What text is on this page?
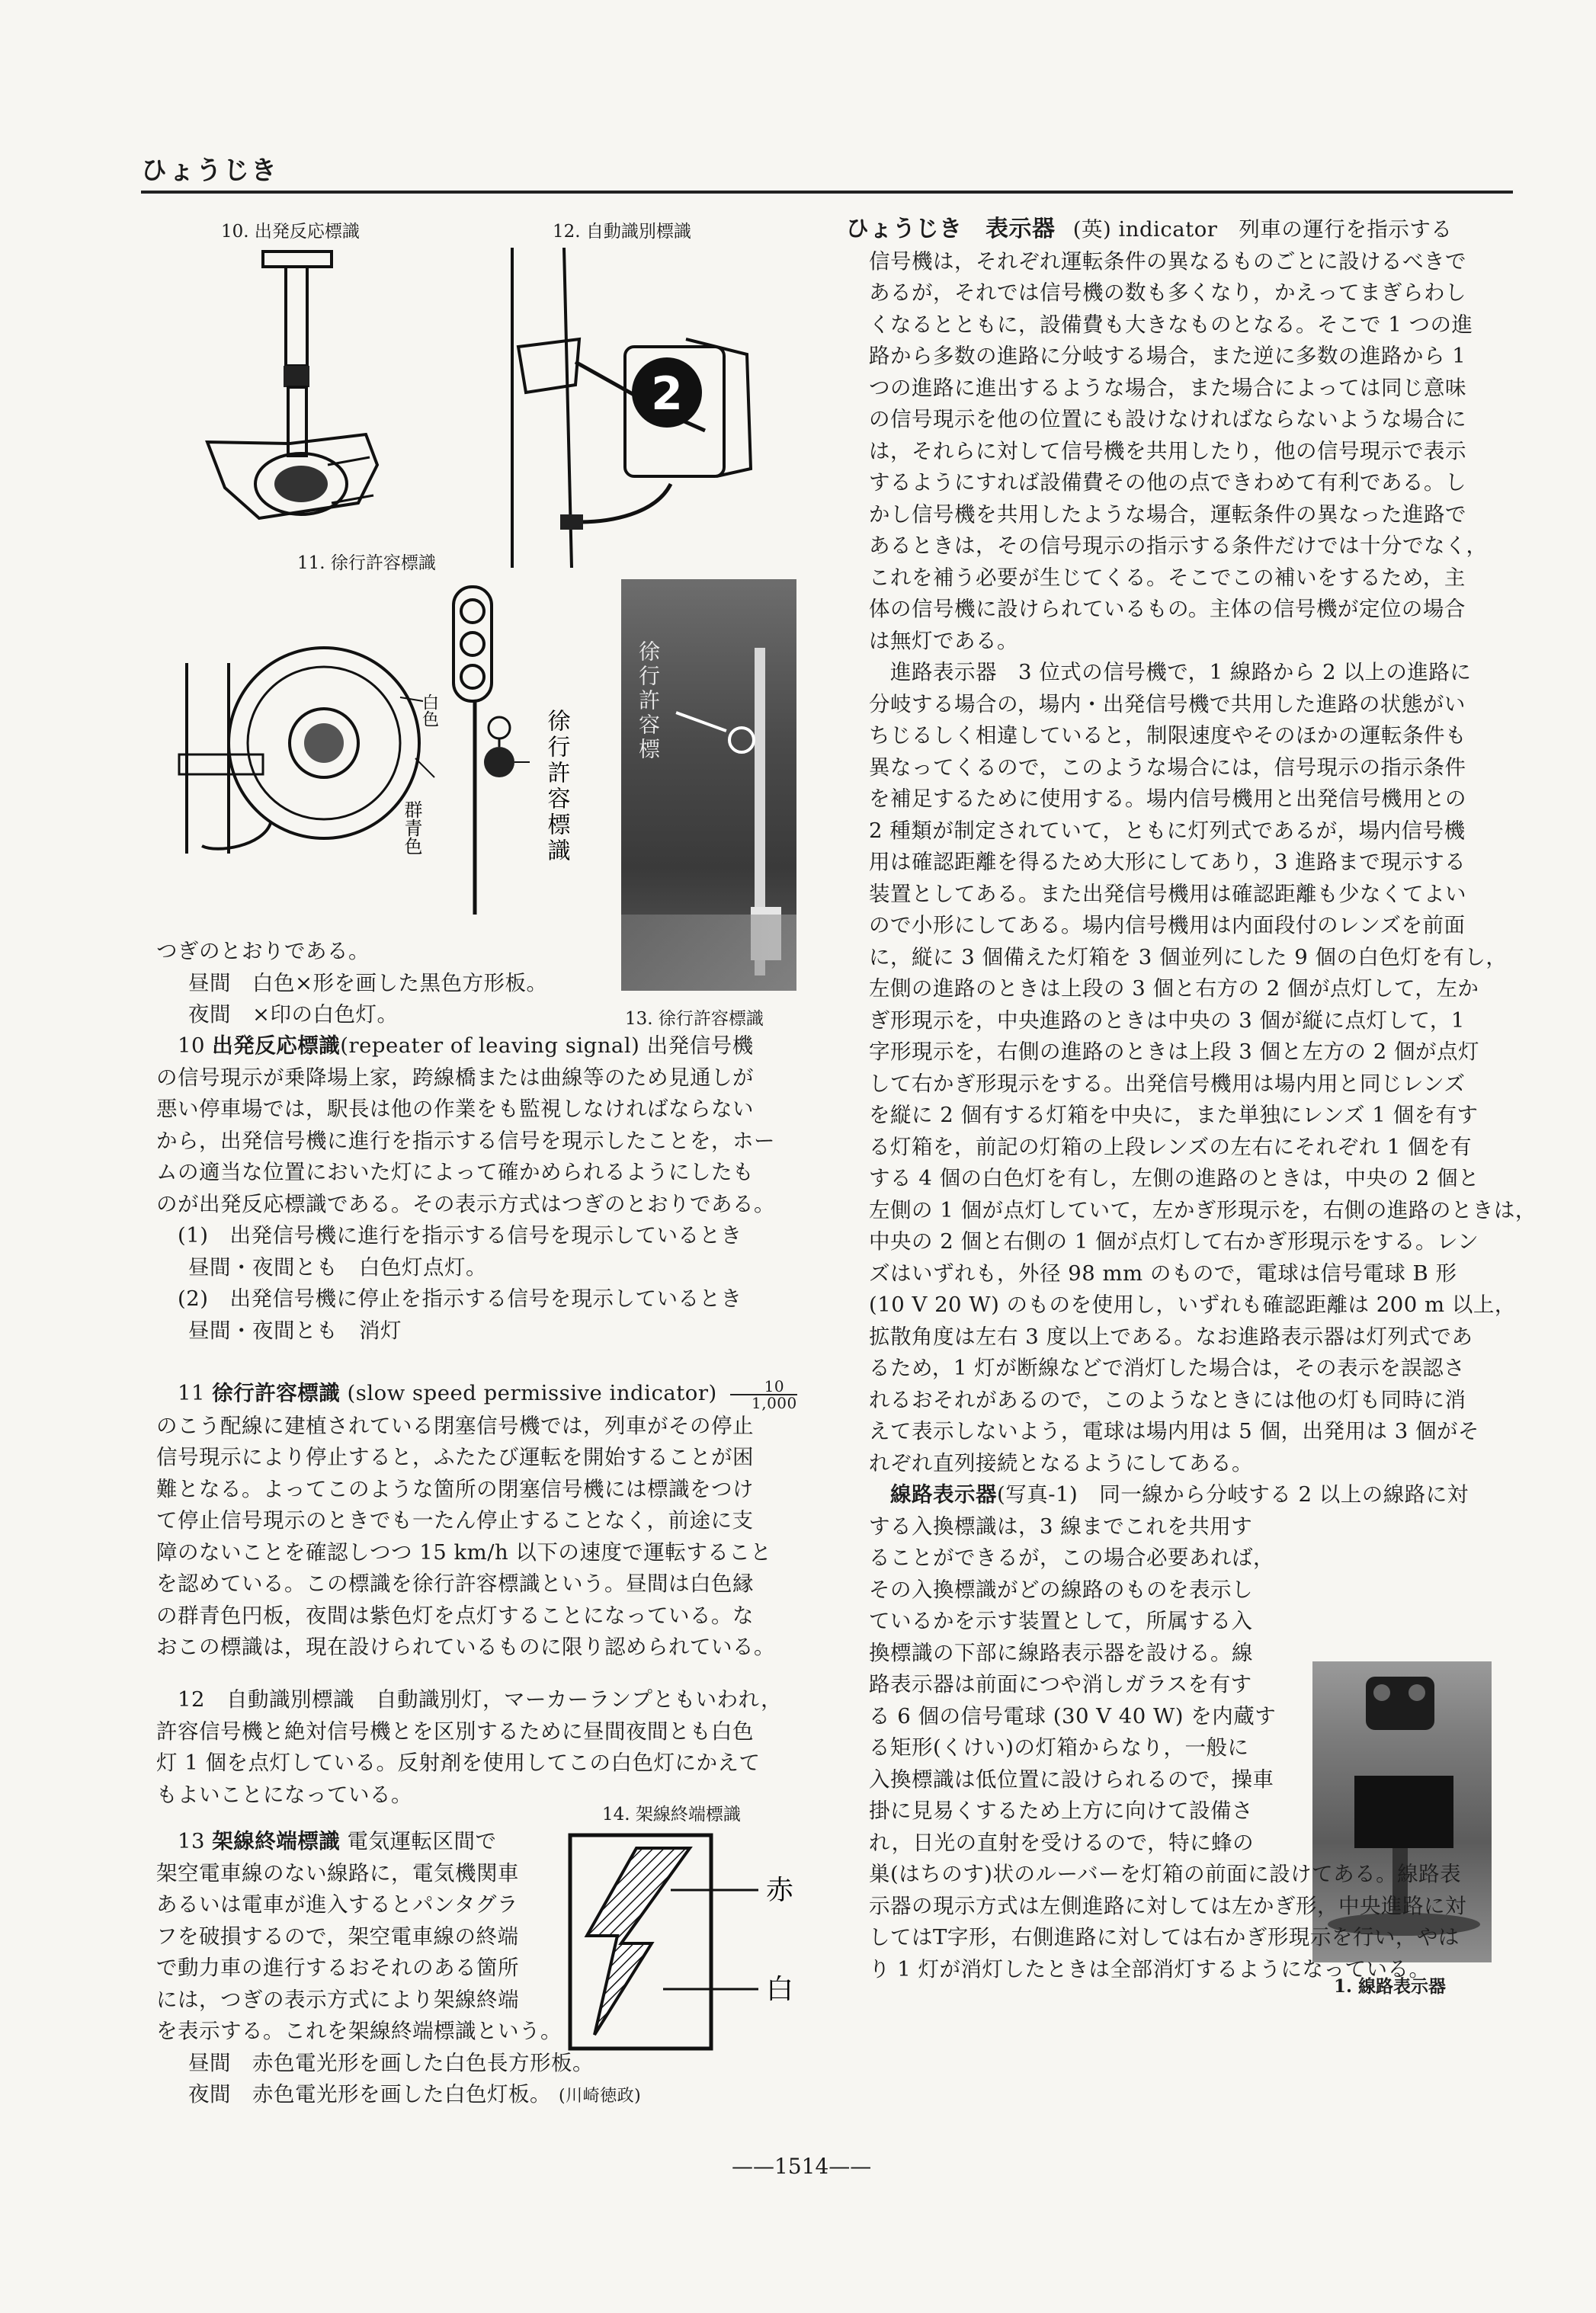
ひょうじき
10. 出発反応標識	12. 自動識別標識
11. 徐行許容標識
13. 徐行許容標識
14. 架線終端標識
1. 線路表示器
2
白色
群青色	徐行許容標識
徐行許容標
赤
白

つぎのとおりである。

昼間　白色×形を画した黒色方形板。

夜間　×印の白色灯。

10 出発反応標識(repeater of leaving signal) 出発信号機

の信号現示が乗降場上家，跨線橋または曲線等のため見通しが

悪い停車場では，駅長は他の作業をも監視しなければならない

から，出発信号機に進行を指示する信号を現示したことを，ホー

ムの適当な位置においた灯によって確かめられるようにしたも

のが出発反応標識である。その表示方式はつぎのとおりである。

(1)　出発信号機に進行を指示する信号を現示しているとき

昼間・夜間とも　白色灯点灯。

(2)　出発信号機に停止を指示する信号を現示しているとき

昼間・夜間とも　消灯

11 徐行許容標識 (slow speed permissive indicator) $\frac{10}{1,000}$

のこう配線に建植されている閉塞信号機では，列車がその停止

信号現示により停止すると，ふたたび運転を開始することが困

難となる。よってこのような箇所の閉塞信号機には標識をつけ

て停止信号現示のときでも一たん停止することなく，前途に支

障のないことを確認しつつ 15 km/h 以下の速度で運転すること

を認めている。この標識を徐行許容標識という。昼間は白色縁

の群青色円板，夜間は紫色灯を点灯することになっている。な

おこの標識は，現在設けられているものに限り認められている。

12　自動識別標識　自動識別灯，マーカーランプともいわれ，

許容信号機と絶対信号機とを区別するために昼間夜間とも白色

灯 1 個を点灯している。反射剤を使用してこの白色灯にかえて

もよいことになっている。

13 架線終端標識 電気運転区間で

架空電車線のない線路に，電気機関車

あるいは電車が進入するとパンタグラ

フを破損するので，架空電車線の終端

で動力車の進行するおそれのある箇所

には，つぎの表示方式により架線終端

を表示する。これを架線終端標識という。

昼間　赤色電光形を画した白色長方形板。

夜間　赤色電光形を画した白色灯板。 (川崎徳政)

ひょうじき　表示器 (英) indicator　列車の運行を指示する

信号機は，それぞれ運転条件の異なるものごとに設けるべきで

あるが，それでは信号機の数も多くなり，かえってまぎらわし

くなるとともに，設備費も大きなものとなる。そこで 1 つの進

路から多数の進路に分岐する場合，また逆に多数の進路から 1

つの進路に進出するような場合，また場合によっては同じ意味

の信号現示を他の位置にも設けなければならないような場合に

は，それらに対して信号機を共用したり，他の信号現示で表示

するようにすれば設備費その他の点できわめて有利である。し

かし信号機を共用したような場合，運転条件の異なった進路で

あるときは，その信号現示の指示する条件だけでは十分でなく，

これを補う必要が生じてくる。そこでこの補いをするため，主

体の信号機に設けられているもの。主体の信号機が定位の場合

は無灯である。

進路表示器　3 位式の信号機で，1 線路から 2 以上の進路に

分岐する場合の，場内・出発信号機で共用した進路の状態がい

ちじるしく相違していると，制限速度やそのほかの運転条件も

異なってくるので，このような場合には，信号現示の指示条件

を補足するために使用する。場内信号機用と出発信号機用との

2 種類が制定されていて，ともに灯列式であるが，場内信号機

用は確認距離を得るため大形にしてあり，3 進路まで現示する

装置としてある。また出発信号機用は確認距離も少なくてよい

ので小形にしてある。場内信号機用は内面段付のレンズを前面

に，縦に 3 個備えた灯箱を 3 個並列にした 9 個の白色灯を有し，

左側の進路のときは上段の 3 個と右方の 2 個が点灯して，左か

ぎ形現示を，中央進路のときは中央の 3 個が縦に点灯して，1

字形現示を，右側の進路のときは上段 3 個と左方の 2 個が点灯

して右かぎ形現示をする。出発信号機用は場内用と同じレンズ

を縦に 2 個有する灯箱を中央に，また単独にレンズ 1 個を有す

る灯箱を，前記の灯箱の上段レンズの左右にそれぞれ 1 個を有

する 4 個の白色灯を有し，左側の進路のときは，中央の 2 個と

左側の 1 個が点灯していて，左かぎ形現示を，右側の進路のときは，

中央の 2 個と右側の 1 個が点灯して右かぎ形現示をする。レン

ズはいずれも，外径 98 mm のもので，電球は信号電球 B 形

(10 V 20 W) のものを使用し，いずれも確認距離は 200 m 以上，

拡散角度は左右 3 度以上である。なお進路表示器は灯列式であ

るため，1 灯が断線などで消灯した場合は，その表示を誤認さ

れるおそれがあるので，このようなときには他の灯も同時に消

えて表示しないよう，電球は場内用は 5 個，出発用は 3 個がそ

れぞれ直列接続となるようにしてある。

線路表示器(写真-1)　同一線から分岐する 2 以上の線路に対

する入換標識は，3 線までこれを共用す

ることができるが，この場合必要あれば，

その入換標識がどの線路のものを表示し

ているかを示す装置として，所属する入

換標識の下部に線路表示器を設ける。線

路表示器は前面につや消しガラスを有す

る 6 個の信号電球 (30 V 40 W) を内蔵す

る矩形(くけい)の灯箱からなり，一般に

入換標識は低位置に設けられるので，操車

掛に見易くするため上方に向けて設備さ

れ，日光の直射を受けるので，特に蜂の

巣(はちのす)状のルーバーを灯箱の前面に設けてある。線路表

示器の現示方式は左側進路に対しては左かぎ形，中央進路に対

してはT字形，右側進路に対しては右かぎ形現示を行い，やは

り 1 灯が消灯したときは全部消灯するようになっている。

——1514——
